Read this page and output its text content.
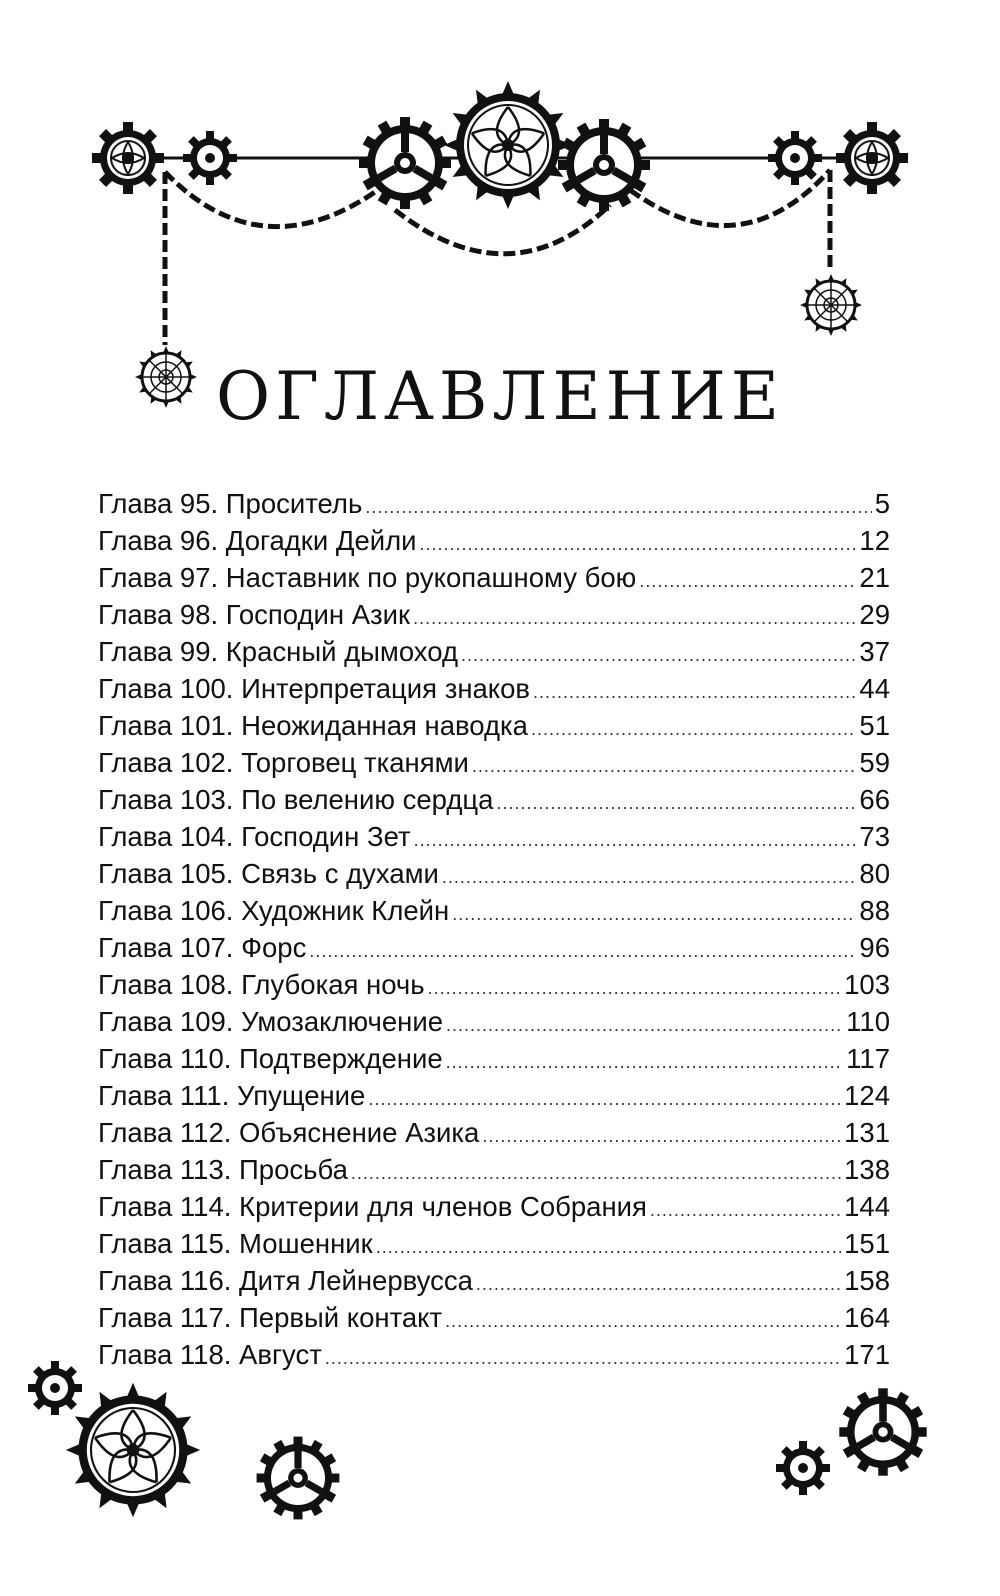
ОГЛАВЛЕНИЕ
Глава 95. Проситель .....	5
Глава 96. Догадки Дейли .....	12
Глава 97. Наставник по рукопашному бою .....	21
Глава 98. Господин Азик .....	29
Глава 99. Красный дымоход .....	37
Глава 100. Интерпретация знаков .....	44
Глава 101. Неожиданная наводка .....	51
Глава 102. Торговец тканями .....	59
Глава 103. По велению сердца .....	66
Глава 104. Господин Зет .....	73
Глава 105. Связь с духами .....	80
Глава 106. Художник Клейн .....	88
Глава 107. Форс .....	96
Глава 108. Глубокая ночь .....	103
Глава 109. Умозаключение .....	110
Глава 110. Подтверждение .....	117
Глава 111. Упущение .....	124
Глава 112. Объяснение Азика .....	131
Глава 113. Просьба .....	138
Глава 114. Критерии для членов Собрания .....	144
Глава 115. Мошенник .....	151
Глава 116. Дитя Лейнервусса .....	158
Глава 117. Первый контакт .....	164
Глава 118. Август .....	171
